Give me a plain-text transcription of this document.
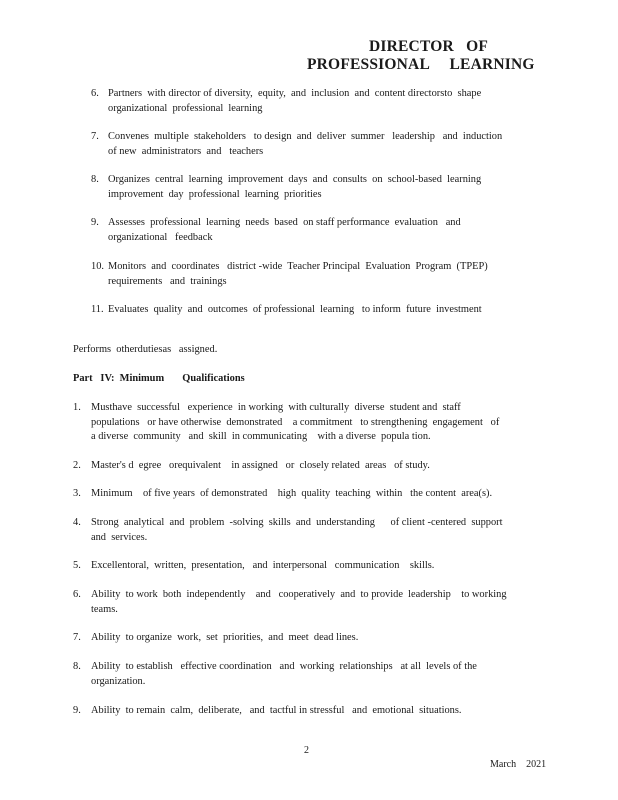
DIRECTOR   OF
PROFESSIONAL     LEARNING

6.

Partners  with director of diversity,  equity,  and  inclusion  and  content directorsto  shape

organizational  professional  learning

7.

Convenes  multiple  stakeholders   to design  and  deliver  summer   leadership   and  induction

of new  administrators  and   teachers

8.

Organizes  central  learning  improvement  days  and  consults  on  school-based  learning

improvement  day  professional  learning  priorities

9.

Assesses  professional  learning  needs  based  on staff performance  evaluation   and

organizational   feedback

10.

Monitors  and  coordinates   district -wide  Teacher Principal  Evaluation  Program  (TPEP)

requirements   and  trainings

11.

Evaluates  quality  and  outcomes  of professional  learning   to inform  future  investment

Performs  otherdutiesas   assigned.
Part   IV:  Minimum       Qualifications

1.

Musthave  successful   experience  in working  with culturally  diverse  student and  staff

populations   or have otherwise  demonstrated    a commitment   to strengthening  engagement   of

a diverse  community   and  skill  in communicating    with a diverse  popula tion.

2.

Master's d  egree   orequivalent    in assigned   or  closely related  areas   of study.

3.

Minimum    of five years  of demonstrated    high  quality  teaching  within   the content  area(s).

4.

Strong  analytical  and  problem  -solving  skills  and  understanding      of client -centered  support

and  services.

5.

Excellentoral,  written,  presentation,   and  interpersonal   communication    skills.

6.

Ability  to work  both  independently    and   cooperatively  and  to provide  leadership    to working

teams.

7.

Ability  to organize  work,  set  priorities,  and  meet  dead lines.

8.

Ability  to establish   effective coordination   and  working  relationships   at all  levels of the

organization.

9.

Ability  to remain  calm,  deliberate,   and  tactful in stressful   and  emotional  situations.

2
March    2021
